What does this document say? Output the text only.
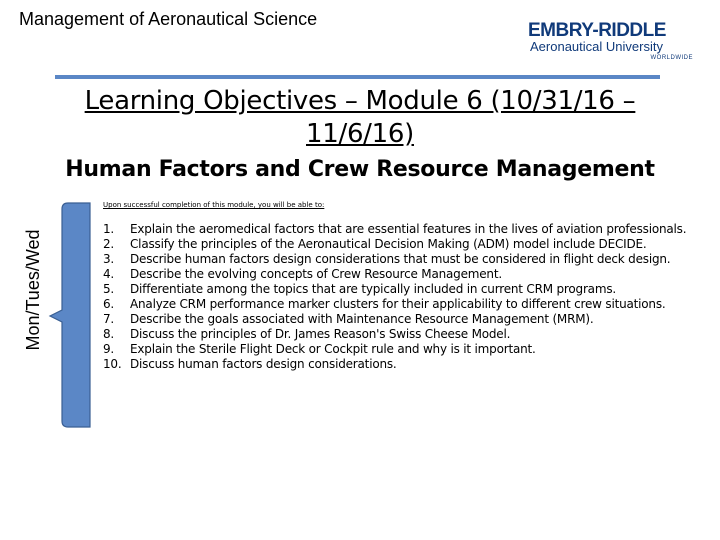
Management of Aeronautical Science
EMBRY-RIDDLE
Aeronautical University
WORLDWIDE
Learning Objectives – Module 6 (10/31/16 – 11/6/16)
Human Factors and Crew Resource Management
Mon/Tues/Wed
Upon successful completion of this module, you will be able to:
1.	Explain the aeromedical factors that are essential features in the lives of aviation professionals.
2.	Classify the principles of the Aeronautical Decision Making (ADM) model include DECIDE.
3.	Describe human factors design considerations that must be considered in flight deck design.
4.	Describe the evolving concepts of Crew Resource Management.
5.	Differentiate among the topics that are typically included in current CRM programs.
6.	Analyze CRM performance marker clusters for their applicability to different crew situations.
7.	Describe the goals associated with Maintenance Resource Management (MRM).
8.	Discuss the principles of Dr. James Reason's Swiss Cheese Model.
9.	Explain the Sterile Flight Deck or Cockpit rule and why is it important.
10. Discuss human factors design considerations.
